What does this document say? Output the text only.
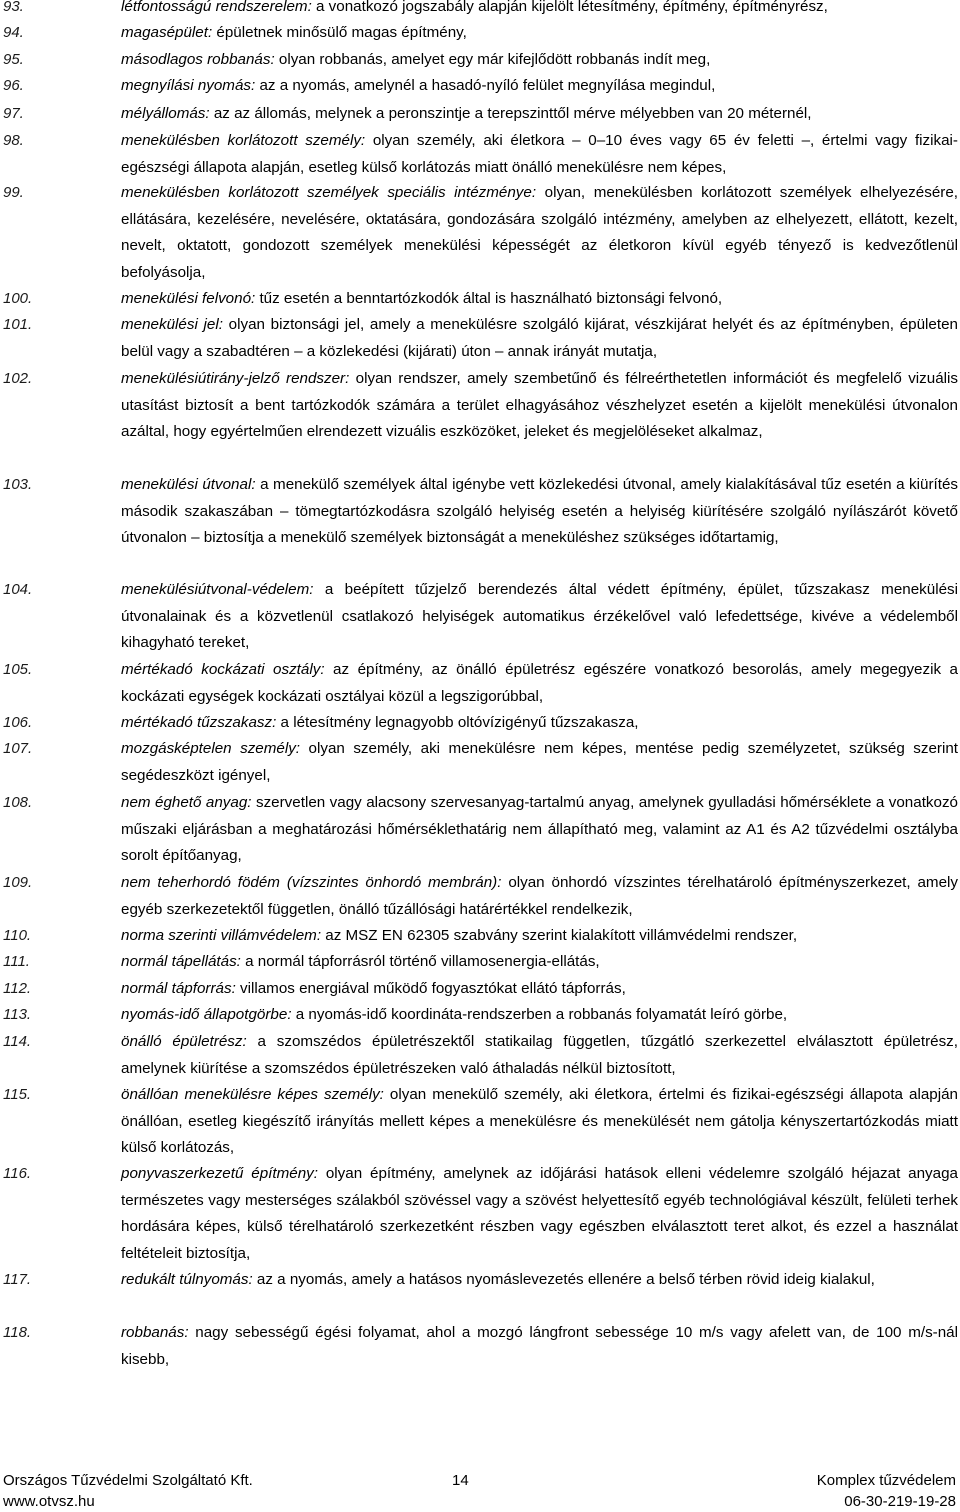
93.	létfontosságú rendszerelem: a vonatkozó jogszabály alapján kijelölt létesítmény, építmény, építményrész,
94.	magasépület: épületnek minősülő magas építmény,
95.	másodlagos robbanás: olyan robbanás, amelyet egy már kifejlődött robbanás indít meg,
96.	megnyílási nyomás: az a nyomás, amelynél a hasadó-nyíló felület megnyílása megindul,
97.	mélyállomás: az az állomás, melynek a peronszintje a terepszinttől mérve mélyebben van 20 méternél,
98.	menekülésben korlátozott személy: olyan személy, aki életkora – 0–10 éves vagy 65 év feletti –, értelmi vagy fizikai-egészségi állapota alapján, esetleg külső korlátozás miatt önálló menekülésre nem képes,
99.	menekülésben korlátozott személyek speciális intézménye: olyan, menekülésben korlátozott személyek elhelyezésére, ellátására, kezelésére, nevelésére, oktatására, gondozására szolgáló intézmény, amelyben az elhelyezett, ellátott, kezelt, nevelt, oktatott, gondozott személyek menekülési képességét az életkoron kívül egyéb tényező is kedvezőtlenül befolyásolja,
100.	menekülési felvonó: tűz esetén a benntartózkodók által is használható biztonsági felvonó,
101.	menekülési jel: olyan biztonsági jel, amely a menekülésre szolgáló kijárat, vészkijárat helyét és az építményben, épületen belül vagy a szabadtéren – a közlekedési (kijárati) úton – annak irányát mutatja,
102.	menekülésiútirány-jelző rendszer: olyan rendszer, amely szembetűnő és félreérthetetlen információt és megfelelő vizuális utasítást biztosít a bent tartózkodók számára a terület elhagyásához vészhelyzet esetén a kijelölt menekülési útvonalon azáltal, hogy egyértelműen elrendezett vizuális eszközöket, jeleket és megjelöléseket alkalmaz,
103.	menekülési útvonal: a menekülő személyek által igénybe vett közlekedési útvonal, amely kialakításával tűz esetén a kiürítés második szakaszában – tömegtartózkodásra szolgáló helyiség esetén a helyiség kiürítésére szolgáló nyílászárót követő útvonalon – biztosítja a menekülő személyek biztonságát a meneküléshez szükséges időtartamig,
104.	menekülésiútvonal-védelem: a beépített tűzjelző berendezés által védett építmény, épület, tűzszakasz menekülési útvonalainak és a közvetlenül csatlakozó helyiségek automatikus érzékelővel való lefedettsége, kivéve a védelemből kihagyható tereket,
105.	mértékadó kockázati osztály: az építmény, az önálló épületrész egészére vonatkozó besorolás, amely megegyezik a kockázati egységek kockázati osztályai közül a legszigorúbbal,
106.	mértékadó tűzszakasz: a létesítmény legnagyobb oltóvízigényű tűzszakasza,
107.	mozgásképtelen személy: olyan személy, aki menekülésre nem képes, mentése pedig személyzetet, szükség szerint segédeszközt igényel,
108.	nem éghető anyag: szervetlen vagy alacsony szervesanyag-tartalmú anyag, amelynek gyulladási hőmérséklete a vonatkozó műszaki eljárásban a meghatározási hőmérséklethatárig nem állapítható meg, valamint az A1 és A2 tűzvédelmi osztályba sorolt építőanyag,
109.	nem teherhordó födém (vízszintes önhordó membrán): olyan önhordó vízszintes térelhatároló építményszerkezet, amely egyéb szerkezetektől független, önálló tűzállósági határértékkel rendelkezik,
110.	norma szerinti villámvédelem: az MSZ EN 62305 szabvány szerint kialakított villámvédelmi rendszer,
111.	normál tápellátás: a normál tápforrásról történő villamosenergia-ellátás,
112.	normál tápforrás: villamos energiával működő fogyasztókat ellátó tápforrás,
113.	nyomás-idő állapotgörbe: a nyomás-idő koordináta-rendszerben a robbanás folyamatát leíró görbe,
114.	önálló épületrész: a szomszédos épületrészektől statikailag független, tűzgátló szerkezettel elválasztott épületrész, amelynek kiürítése a szomszédos épületrészeken való áthaladás nélkül biztosított,
115.	önállóan menekülésre képes személy: olyan menekülő személy, aki életkora, értelmi és fizikai-egészségi állapota alapján önállóan, esetleg kiegészítő irányítás mellett képes a menekülésre és menekülését nem gátolja kényszertartózkodás miatt külső korlátozás,
116.	ponyvaszerkezetű építmény: olyan építmény, amelynek az időjárási hatások elleni védelemre szolgáló héjazat anyaga természetes vagy mesterséges szálakból szövéssel vagy a szövést helyettesítő egyéb technológiával készült, felületi terhek hordására képes, külső térelhatároló szerkezetként részben vagy egészben elválasztott teret alkot, és ezzel a használat feltételeit biztosítja,
117.	redukált túlnyomás: az a nyomás, amely a hatásos nyomáslevezetés ellenére a belső térben rövid ideig kialakul,
118.	robbanás: nagy sebességű égési folyamat, ahol a mozgó lángfront sebessége 10 m/s vagy afelett van, de 100 m/s-nál kisebb,
Országos Tűzvédelmi Szolgáltató Kft.
www.otvsz.hu
14	Komplex tűzvédelem
06-30-219-19-28
